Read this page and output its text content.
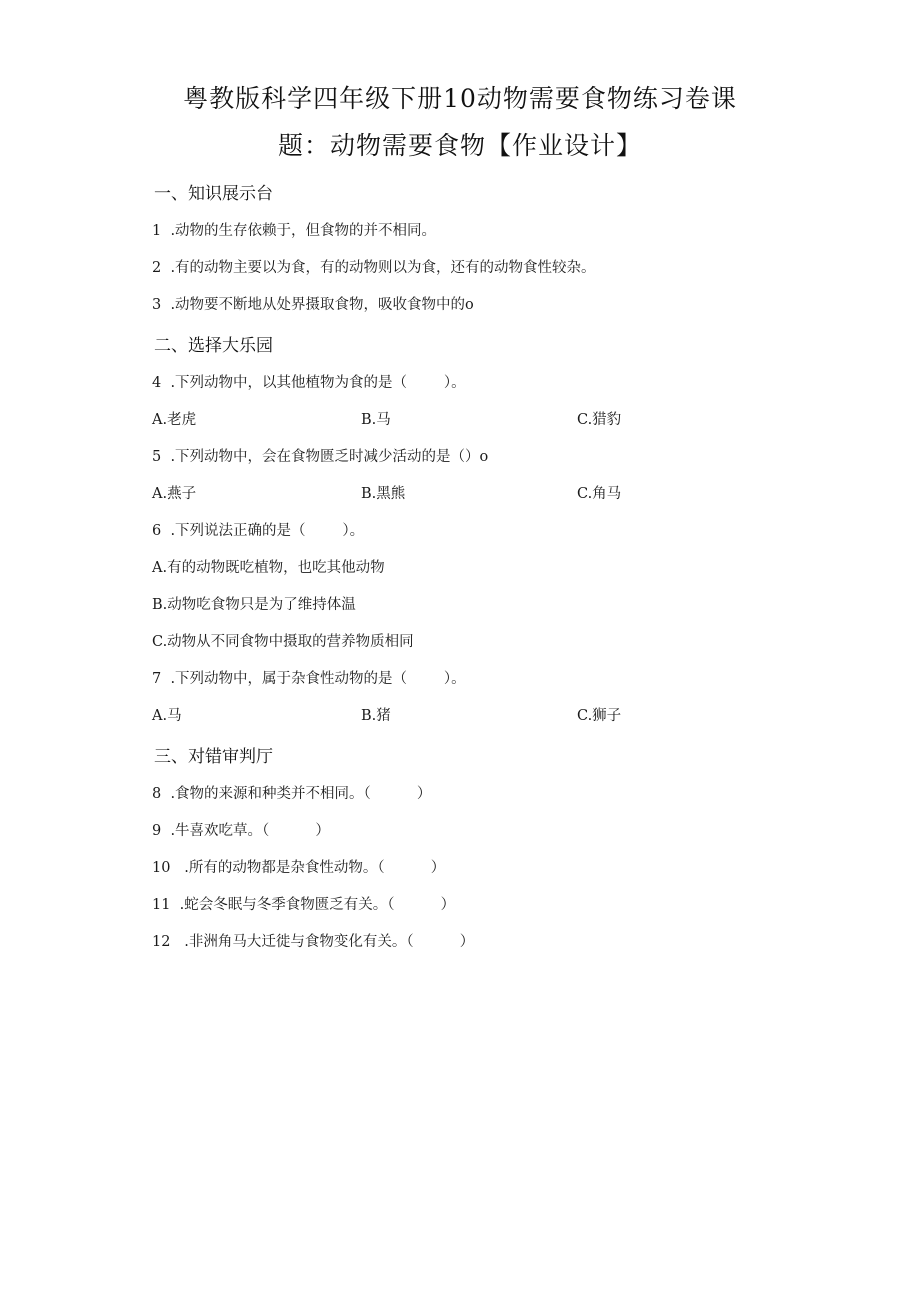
粤教版科学四年级下册10动物需要食物练习卷课
题：动物需要食物【作业设计】
一、知识展示台
1  .动物的生存依赖于，但食物的并不相同。
2  .有的动物主要以为食，有的动物则以为食，还有的动物食性较杂。
3  .动物要不断地从处界摄取食物，吸收食物中的o
二、选择大乐园
4  .下列动物中，以其他植物为食的是（        ）。
A.老虎	B.马	C.猎豹
5  .下列动物中，会在食物匮乏时减少活动的是（）o
A.燕子	B.黑熊	C.角马
6  .下列说法正确的是（        ）。
A.有的动物既吃植物，也吃其他动物
B.动物吃食物只是为了维持体温
C.动物从不同食物中摄取的营养物质相同
7  .下列动物中，属于杂食性动物的是（        ）。
A.马	B.猪	C.狮子
三、对错审判厅
8  .食物的来源和种类并不相同。（          ）
9  .牛喜欢吃草。（          ）
10   .所有的动物都是杂食性动物。（          ）
11  .蛇会冬眠与冬季食物匮乏有关。（          ）
12   .非洲角马大迁徙与食物变化有关。（          ）
